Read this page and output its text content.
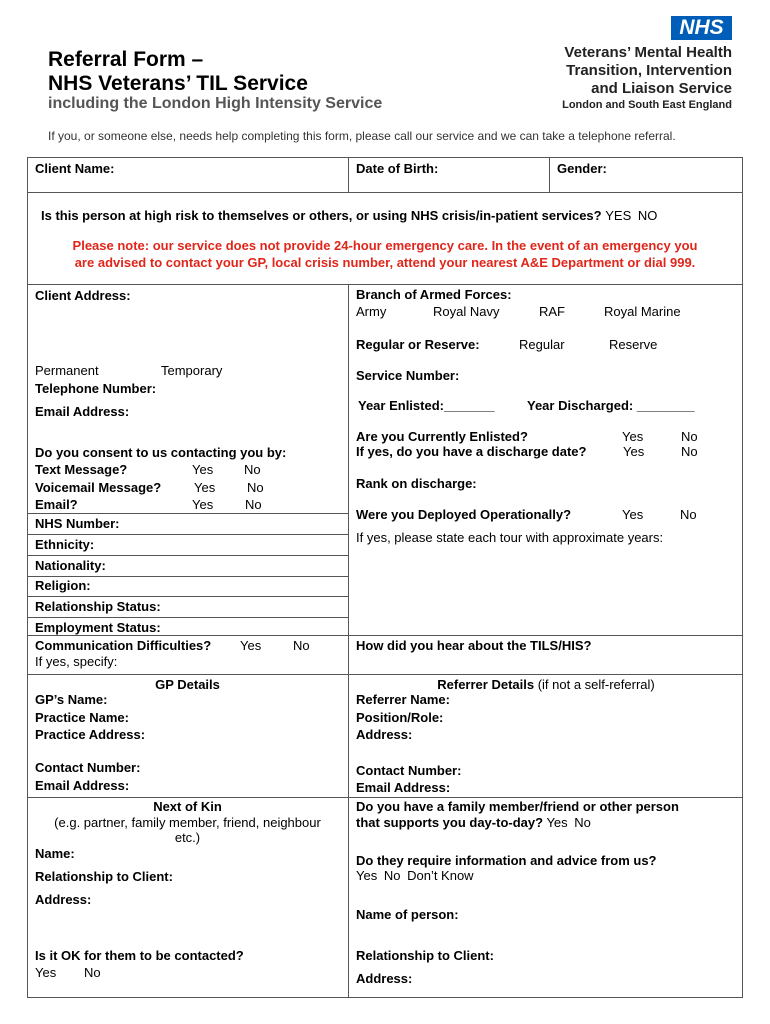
Referral Form –
NHS Veterans’ TIL Service
including the London High Intensity Service
NHS
Veterans’ Mental Health
Transition, Intervention
and Liaison Service
London and South East England
If you, or someone else, needs help completing this form, please call our service and we can take a telephone referral.
Client Name:	Date of Birth:	Gender:
Is this person at high risk to themselves or others, or using NHS crisis/in-patient services? YES NO
Please note: our service does not provide 24-hour emergency care. In the event of an emergency you
are advised to contact your GP, local crisis number, attend your nearest A&E Department or dial 999.
Client Address:
Permanent	Temporary
Telephone Number:
Email Address:
Do you consent to us contacting you by:
Text Message?	Yes No
Voicemail Message?	Yes No
Email?	Yes No
NHS Number:
Ethnicity:
Nationality:
Religion:
Relationship Status:
Employment Status:
Communication Difficulties? Yes No
If yes, specify:
Branch of Armed Forces:
Army	Royal Navy	RAF	Royal Marine
Regular or Reserve:	Regular	Reserve
Service Number:
Year Enlisted:_______ Year Discharged: ________
Are you Currently Enlisted?	Yes	No
If yes, do you have a discharge date?	Yes	No
Rank on discharge:
Were you Deployed Operationally?	Yes	No
If yes, please state each tour with approximate years:
How did you hear about the TILS/HIS?
GP Details
GP’s Name:
Practice Name:
Practice Address:
Contact Number:
Email Address:
Referrer Details (if not a self-referral)
Referrer Name:
Position/Role:
Address:
Contact Number:
Email Address:
Next of Kin
(e.g. partner, family member, friend, neighbour
etc.)
Name:
Relationship to Client:
Address:
Is it OK for them to be contacted?
Yes No
Do you have a family member/friend or other person
that supports you day-to-day? Yes No
Do they require information and advice from us?
Yes No Don’t Know
Name of person:
Relationship to Client:
Address:
